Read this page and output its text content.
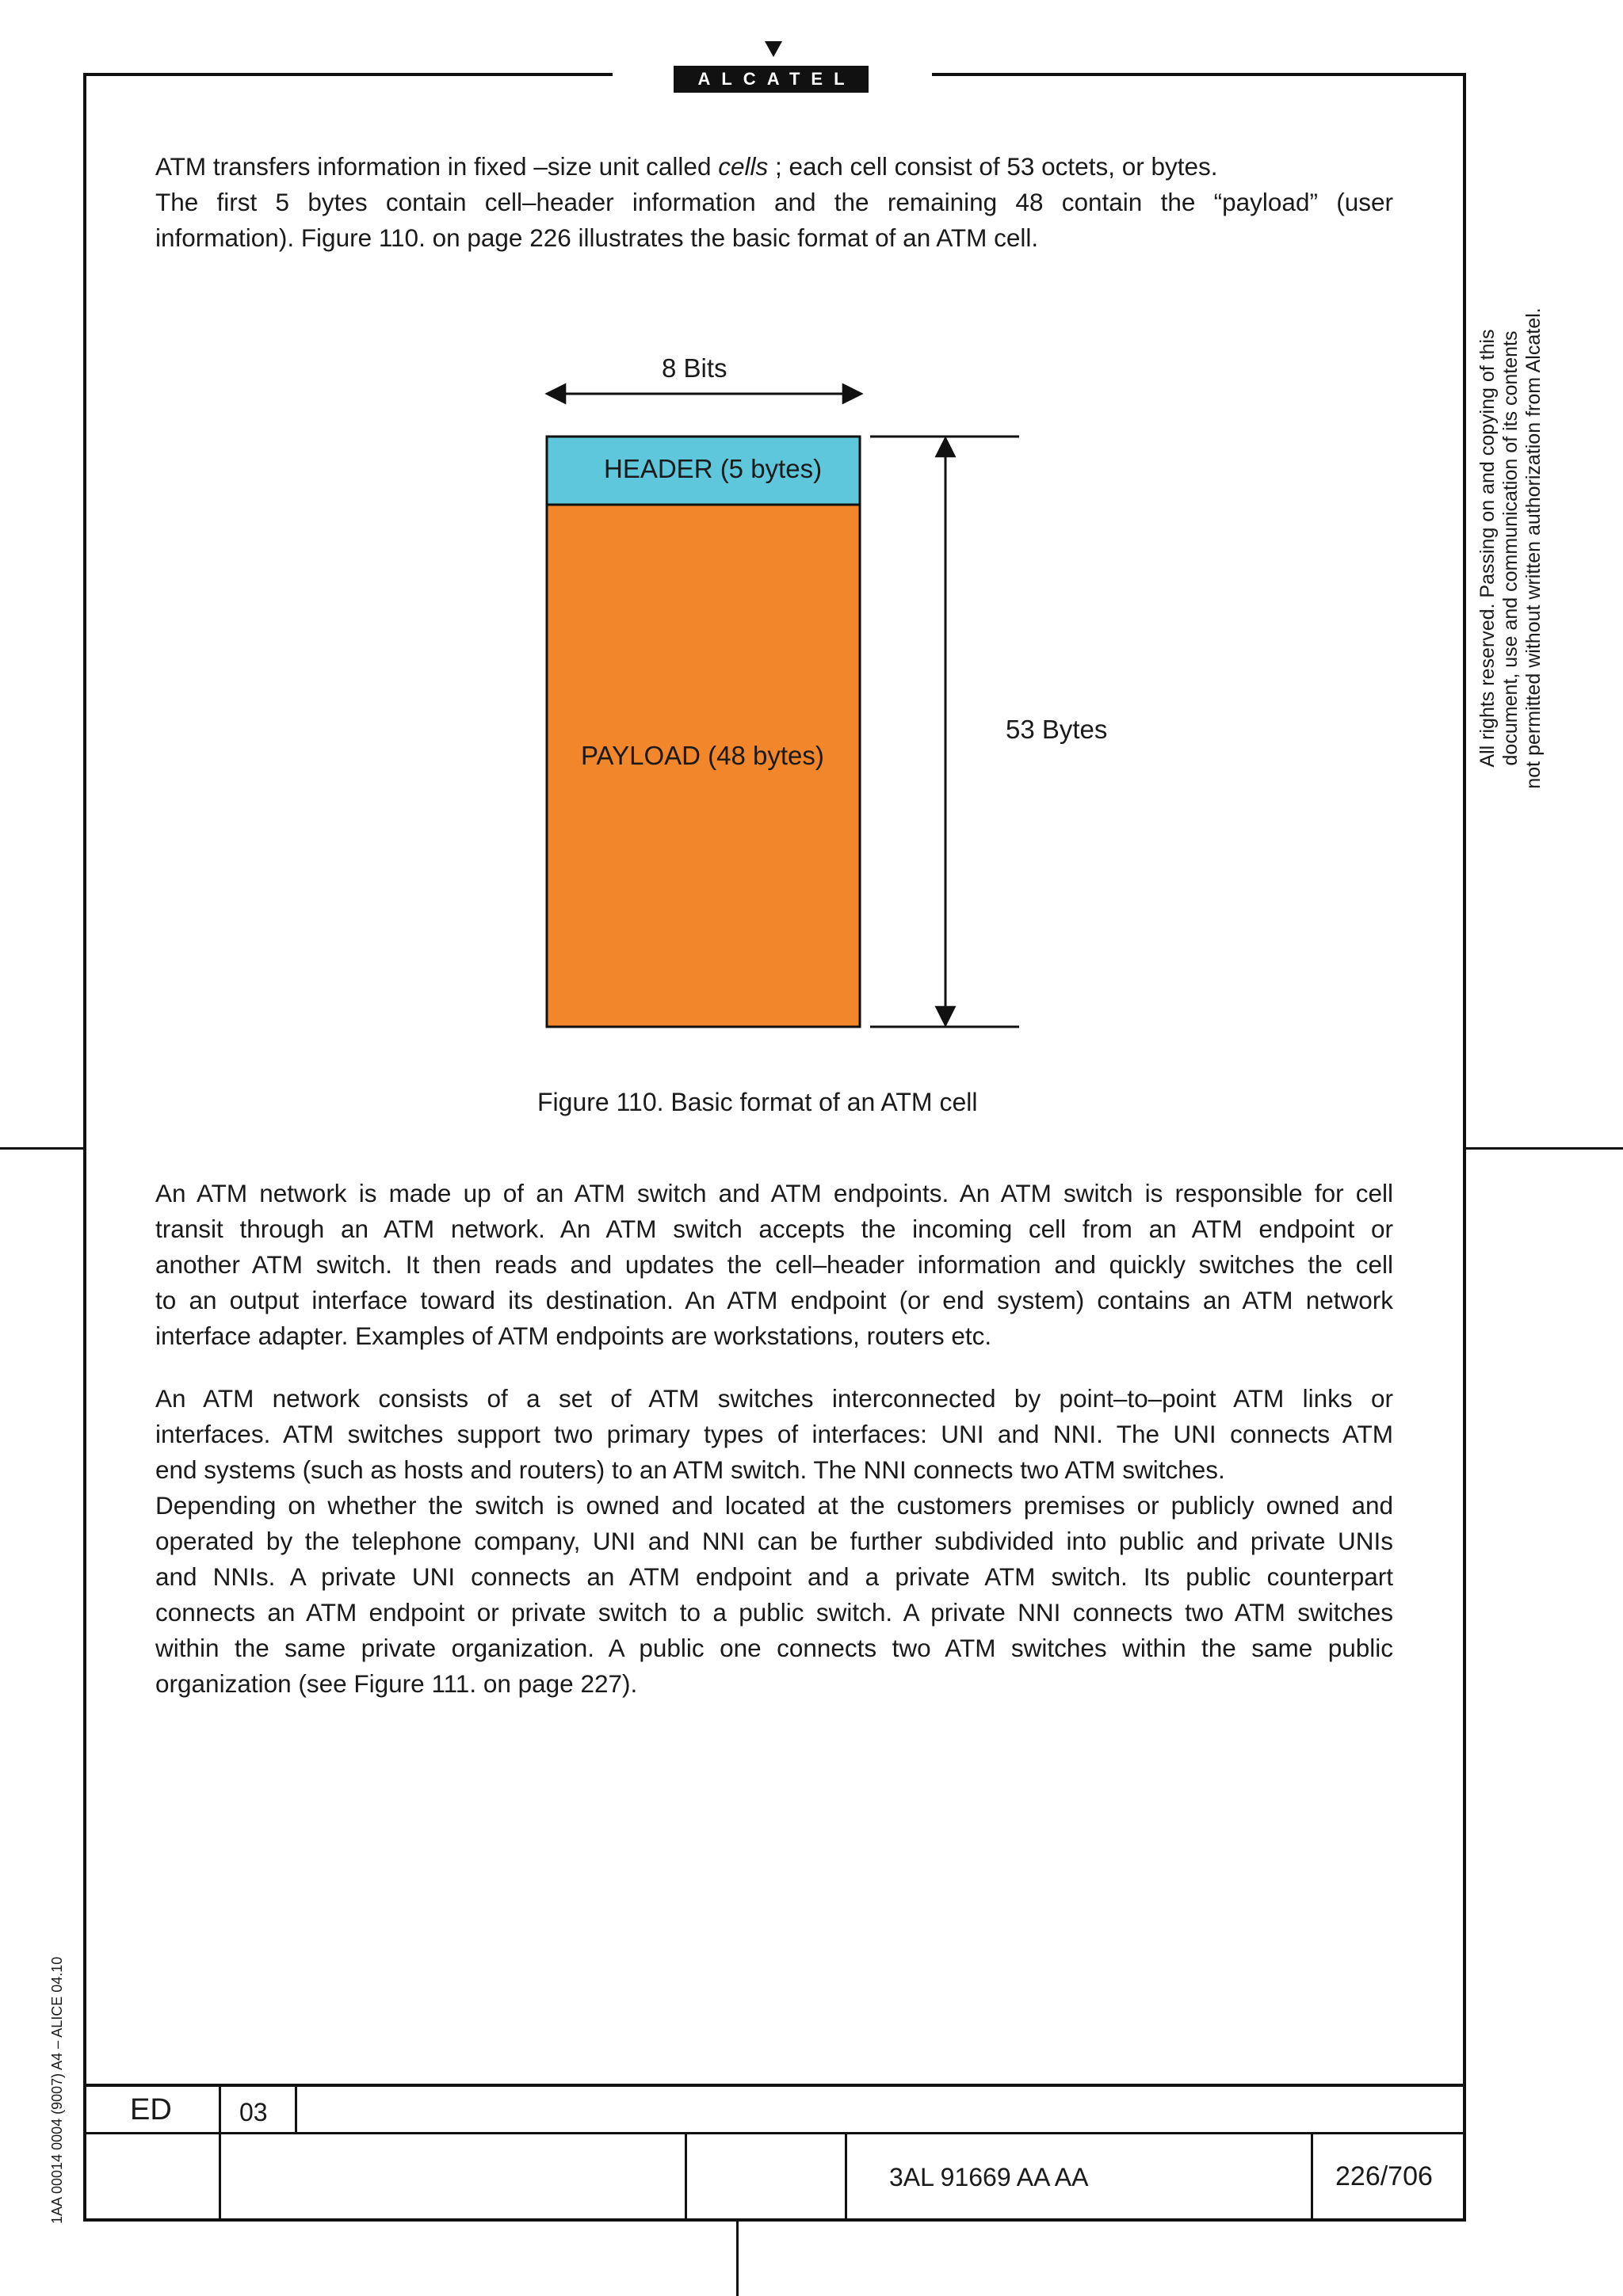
ALCATEL
ATM transfers information in fixed –size unit called cells ; each cell consist of 53 octets, or bytes.
The first 5 bytes contain cell–header information and the remaining 48 contain the “payload” (user
information). Figure 110. on page 226 illustrates the basic format of an ATM cell.
8 Bits
HEADER (5 bytes)
PAYLOAD (48 bytes)
53 Bytes
Figure 110. Basic format of an ATM cell
An ATM network is made up of an ATM switch and ATM endpoints. An ATM switch is responsible for cell
transit through an ATM network. An ATM switch accepts the incoming cell from an ATM endpoint or
another ATM switch. It then reads and updates the cell–header information and quickly switches the cell
to an output interface toward its destination. An ATM endpoint (or end system) contains an ATM network
interface adapter. Examples of ATM endpoints are workstations, routers etc.
An ATM network consists of a set of ATM switches interconnected by point–to–point ATM links or
interfaces. ATM switches support two primary types of interfaces: UNI and NNI. The UNI connects ATM
end systems (such as hosts and routers) to an ATM switch. The NNI connects two ATM switches.
Depending on whether the switch is owned and located at the customers premises or publicly owned and
operated by the telephone company, UNI and NNI can be further subdivided into public and private UNIs
and NNIs. A private UNI connects an ATM endpoint and a private ATM switch. Its public counterpart
connects an ATM endpoint or private switch to a public switch. A private NNI connects two ATM switches
within the same private organization. A public one connects two ATM switches within the same public
organization (see Figure 111. on page 227).
All rights reserved. Passing on and copying of this document, use and communication of its contents not permitted without written authorization from Alcatel.
1AA 00014 0004 (9007) A4 – ALICE 04.10 ED	03
3AL 91669 AA AA	226/706
